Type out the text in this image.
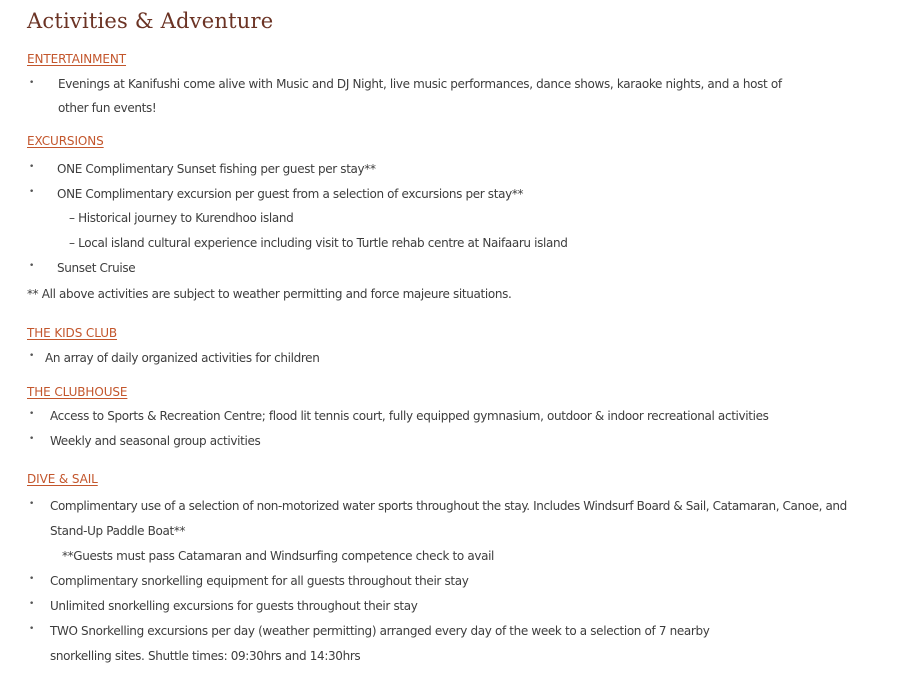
Activities & Adventure
ENTERTAINMENT
• Evenings at Kanifushi come alive with Music and DJ Night, live music performances, dance shows, karaoke nights, and a host of
other fun events!
EXCURSIONS
• ONE Complimentary Sunset fishing per guest per stay**
• ONE Complimentary excursion per guest from a selection of excursions per stay**
– Historical journey to Kurendhoo island
– Local island cultural experience including visit to Turtle rehab centre at Naifaaru island
• Sunset Cruise
** All above activities are subject to weather permitting and force majeure situations.
THE KIDS CLUB
• An array of daily organized activities for children
THE CLUBHOUSE
• Access to Sports & Recreation Centre; flood lit tennis court, fully equipped gymnasium, outdoor & indoor recreational activities
• Weekly and seasonal group activities
DIVE & SAIL
• Complimentary use of a selection of non-motorized water sports throughout the stay. Includes Windsurf Board & Sail, Catamaran, Canoe, and
Stand-Up Paddle Boat**
**Guests must pass Catamaran and Windsurfing competence check to avail
• Complimentary snorkelling equipment for all guests throughout their stay
• Unlimited snorkelling excursions for guests throughout their stay
• TWO Snorkelling excursions per day (weather permitting) arranged every day of the week to a selection of 7 nearby
snorkelling sites. Shuttle times: 09:30hrs and 14:30hrs
